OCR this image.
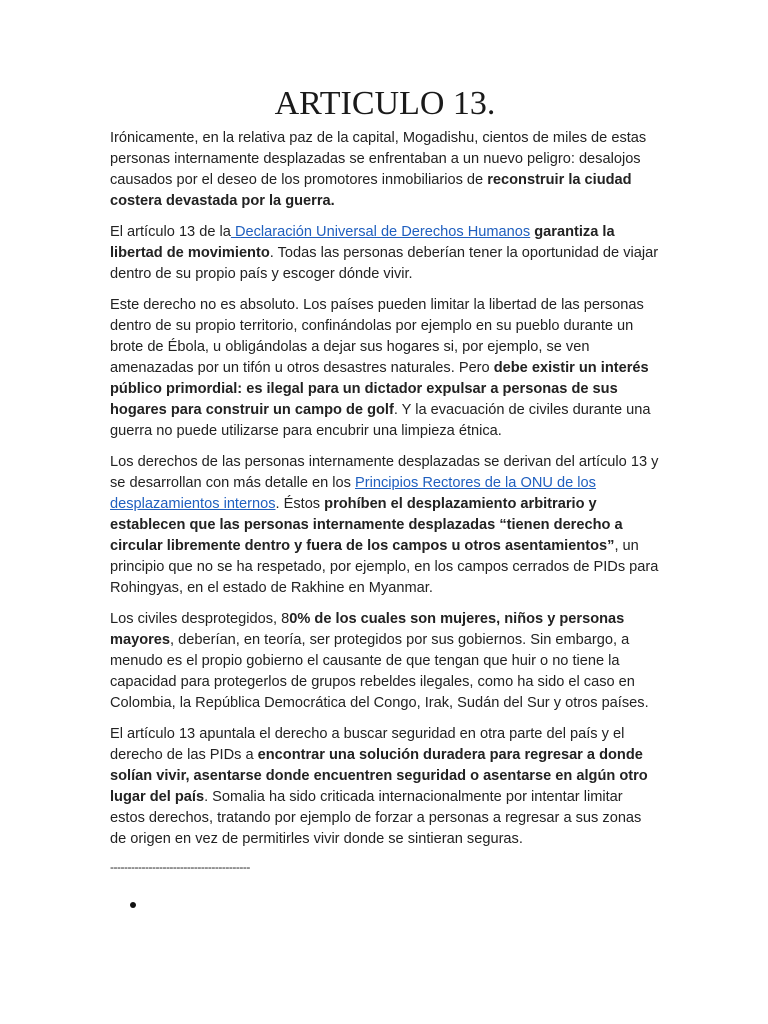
ARTICULO 13.

Irónicamente, en la relativa paz de la capital, Mogadishu, cientos de miles de estas personas internamente desplazadas se enfrentaban a un nuevo peligro: desalojos causados por el deseo de los promotores inmobiliarios de reconstruir la ciudad costera devastada por la guerra.

El artículo 13 de la Declaración Universal de Derechos Humanos garantiza la libertad de movimiento. Todas las personas deberían tener la oportunidad de viajar dentro de su propio país y escoger dónde vivir.

Este derecho no es absoluto. Los países pueden limitar la libertad de las personas dentro de su propio territorio, confinándolas por ejemplo en su pueblo durante un brote de Ébola, u obligándolas a dejar sus hogares si, por ejemplo, se ven amenazadas por un tifón u otros desastres naturales. Pero debe existir un interés público primordial: es ilegal para un dictador expulsar a personas de sus hogares para construir un campo de golf. Y la evacuación de civiles durante una guerra no puede utilizarse para encubrir una limpieza étnica.

Los derechos de las personas internamente desplazadas se derivan del artículo 13 y se desarrollan con más detalle en los Principios Rectores de la ONU de los desplazamientos internos. Éstos prohíben el desplazamiento arbitrario y establecen que las personas internamente desplazadas “tienen derecho a circular libremente dentro y fuera de los campos u otros asentamientos”, un principio que no se ha respetado, por ejemplo, en los campos cerrados de PIDs para Rohingyas, en el estado de Rakhine en Myanmar.

Los civiles desprotegidos, 80% de los cuales son mujeres, niños y personas mayores, deberían, en teoría, ser protegidos por sus gobiernos. Sin embargo, a menudo es el propio gobierno el causante de que tengan que huir o no tiene la capacidad para protegerlos de grupos rebeldes ilegales, como ha sido el caso en Colombia, la República Democrática del Congo, Irak, Sudán del Sur y otros países.

El artículo 13 apuntala el derecho a buscar seguridad en otra parte del país y el derecho de las PIDs a encontrar una solución duradera para regresar a donde solían vivir, asentarse donde encuentren seguridad o asentarse en algún otro lugar del país. Somalia ha sido criticada internacionalmente por intentar limitar estos derechos, tratando por ejemplo de forzar a personas a regresar a sus zonas de origen en vez de permitirles vivir donde se sintieran seguras.

----------------------------------------
